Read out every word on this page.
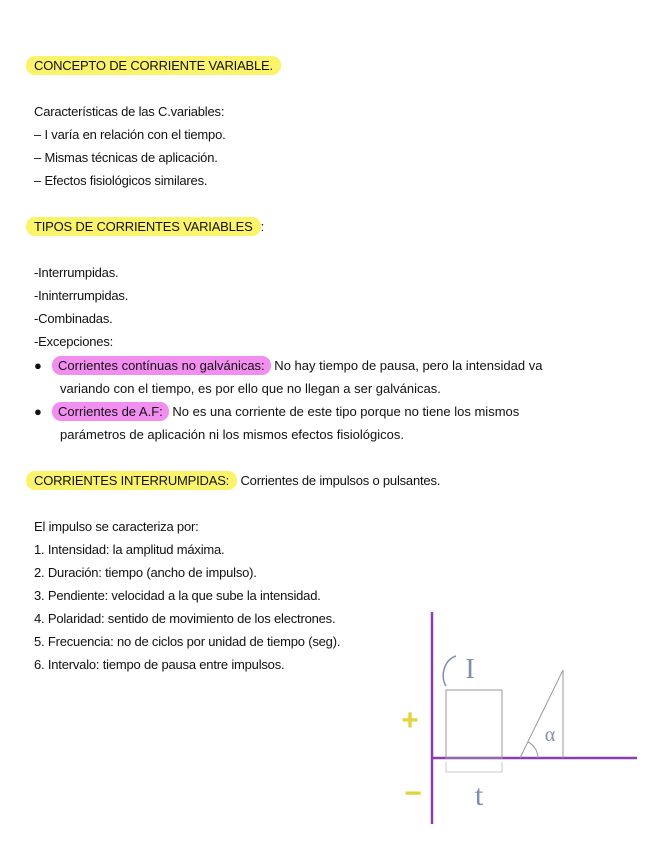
CONCEPTO DE CORRIENTE VARIABLE.
Características de las C.variables:
– I varía en relación con el tiempo.
– Mismas técnicas de aplicación.
– Efectos fisiológicos similares.
TIPOS DE CORRIENTES VARIABLES :
-Interrumpidas.
-Ininterrumpidas.
-Combinadas.
-Excepciones:
● Corrientes contínuas no galvánicas: No hay tiempo de pausa, pero la intensidad va
variando con el tiempo, es por ello que no llegan a ser galvánicas.
● Corrientes de A.F: No es una corriente de este tipo porque no tiene los mismos
parámetros de aplicación ni los mismos efectos fisiológicos.
CORRIENTES INTERRUMPIDAS: Corrientes de impulsos o pulsantes.
El impulso se caracteriza por:
1. Intensidad: la amplitud máxima.
2. Duración: tiempo (ancho de impulso).
3. Pendiente: velocidad a la que sube la intensidad.
4. Polaridad: sentido de movimiento de los electrones.
5. Frecuencia: no de ciclos por unidad de tiempo (seg).
6. Intervalo: tiempo de pausa entre impulsos.	I
t
α
+
−
